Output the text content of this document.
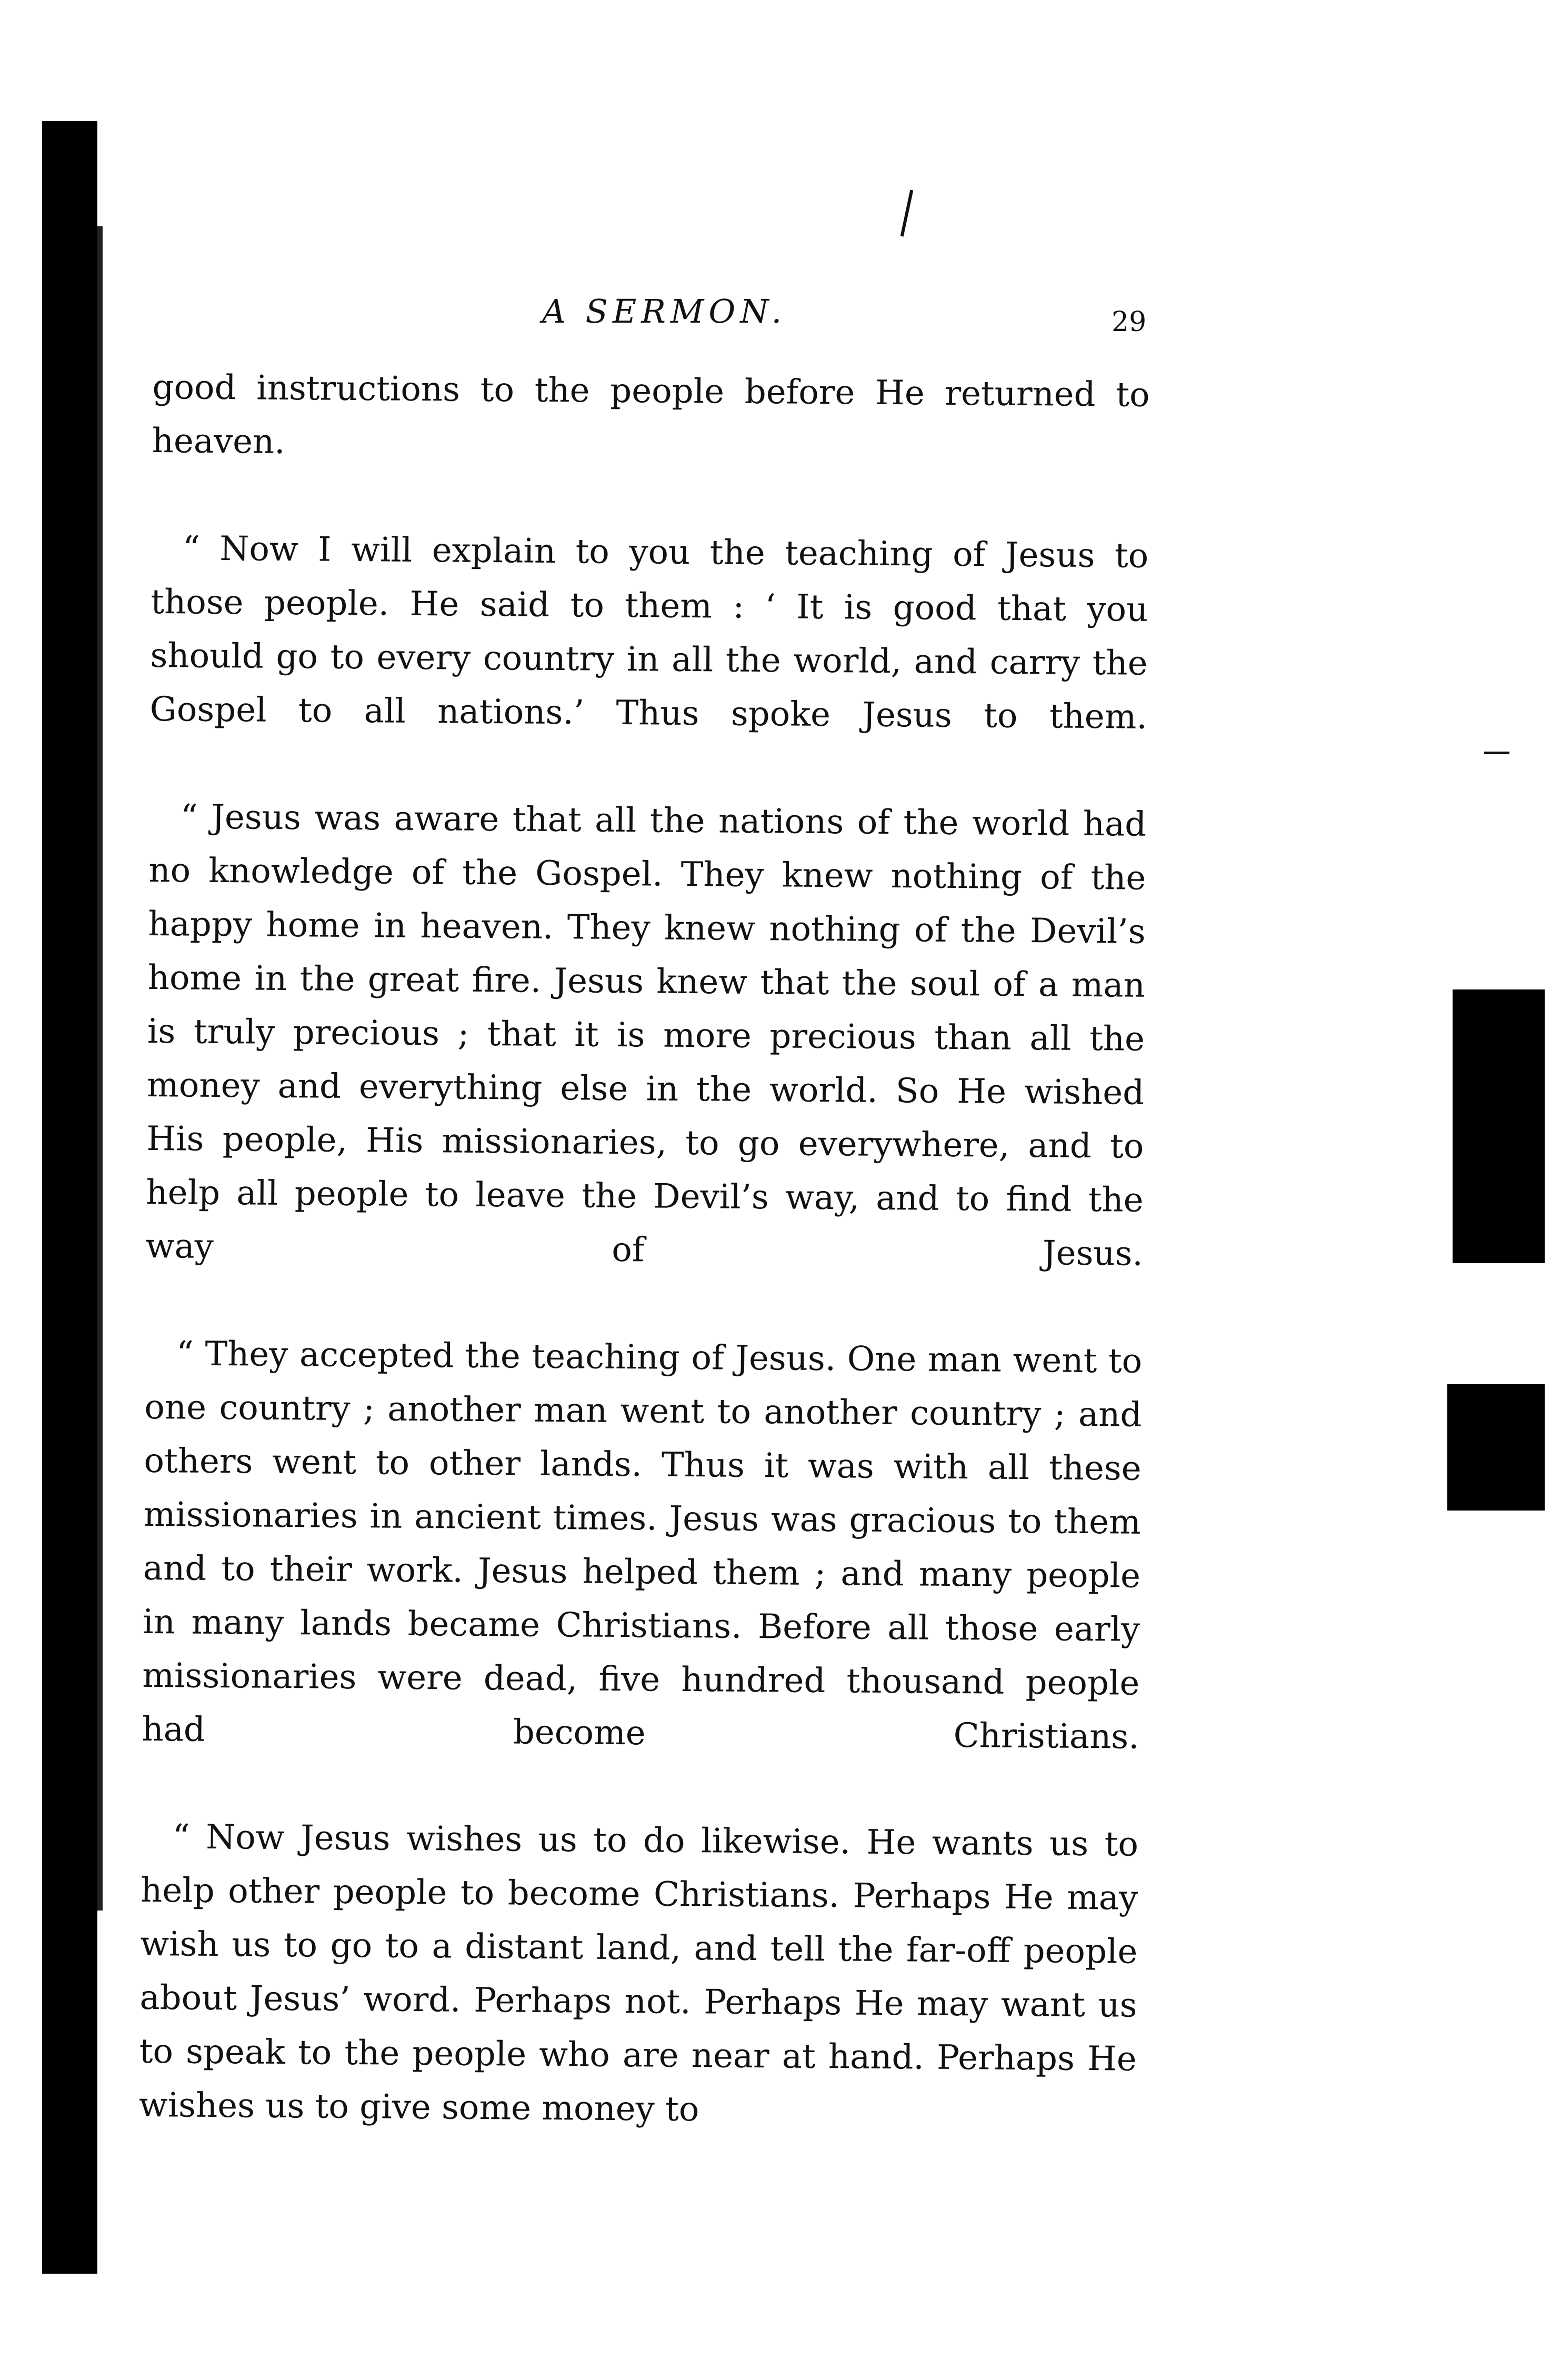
A SERMON.	29

good instructions to the people before He returned to heaven.

“ Now I will explain to you the teaching of Jesus to those people. He said to them : ‘ It is good that you should go to every country in all the world, and carry the Gospel to all nations.’ Thus spoke Jesus to them.

“ Jesus was aware that all the nations of the world had no knowledge of the Gospel. They knew nothing of the happy home in heaven. They knew nothing of the Devil’s home in the great fire. Jesus knew that the soul of a man is truly precious ; that it is more precious than all the money and everything else in the world. So He wished His people, His missionaries, to go everywhere, and to help all people to leave the Devil’s way, and to find the way of Jesus.

“ They accepted the teaching of Jesus. One man went to one country ; another man went to another country ; and others went to other lands. Thus it was with all these missionaries in ancient times. Jesus was gracious to them and to their work. Jesus helped them ; and many people in many lands became Christians. Before all those early missionaries were dead, five hundred thousand people had become Christians.

“ Now Jesus wishes us to do likewise. He wants us to help other people to become Christians. Perhaps He may wish us to go to a distant land, and tell the far-off people about Jesus’ word. Perhaps not. Perhaps He may want us to speak to the people who are near at hand. Perhaps He wishes us to give some money to
